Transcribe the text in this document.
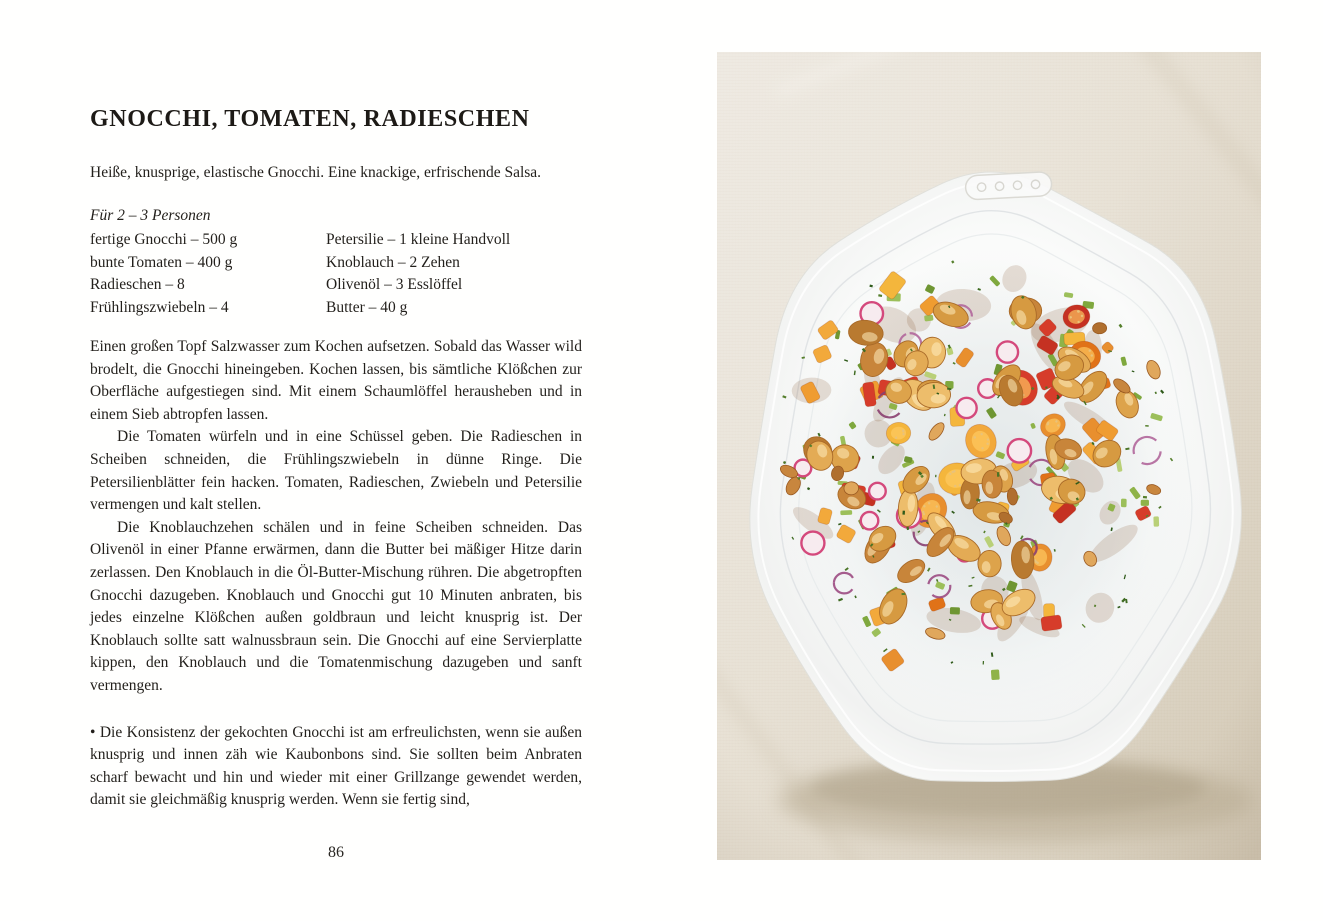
GNOCCHI, TOMATEN, RADIESCHEN

Heiße, knusprige, elastische Gnocchi. Eine knackige, erfrischende Salsa.

Für 2 – 3 Personen

fertige Gnocchi – 500 g
bunte Tomaten – 400 g
Radieschen – 8
Frühlingszwiebeln – 4
Petersilie – 1 kleine Handvoll
Knoblauch – 2 Zehen
Olivenöl – 3 Esslöffel
Butter – 40 g

Einen großen Topf Salzwasser zum Kochen aufsetzen. Sobald das Wasser wild brodelt, die Gnocchi hineingeben. Kochen lassen, bis sämtliche Klößchen zur Oberfläche aufgestiegen sind. Mit einem Schaumlöffel herausheben und in einem Sieb abtropfen lassen.

Die Tomaten würfeln und in eine Schüssel geben. Die Radieschen in Scheiben schneiden, die Frühlingszwiebeln in dünne Ringe. Die Petersilienblätter fein hacken. Tomaten, Radieschen, Zwiebeln und Petersilie vermengen und kalt stellen.

Die Knoblauchzehen schälen und in feine Scheiben schneiden. Das Olivenöl in einer Pfanne erwärmen, dann die Butter bei mäßiger Hitze darin zerlassen. Den Knoblauch in die Öl-Butter-Mischung rühren. Die abgetropften Gnocchi dazugeben. Knoblauch und Gnocchi gut 10 Minuten anbraten, bis jedes einzelne Klößchen außen goldbraun und leicht knusprig ist. Der Knoblauch sollte satt walnussbraun sein. Die Gnocchi auf eine Servierplatte kippen, den Knoblauch und die Tomatenmischung dazugeben und sanft vermengen.

• Die Konsistenz der gekochten Gnocchi ist am erfreulichsten, wenn sie außen knusprig und innen zäh wie Kaubonbons sind. Sie sollten beim Anbraten scharf bewacht und hin und wieder mit einer Grillzange gewendet werden, damit sie gleichmäßig knusprig werden. Wenn sie fertig sind,

86
